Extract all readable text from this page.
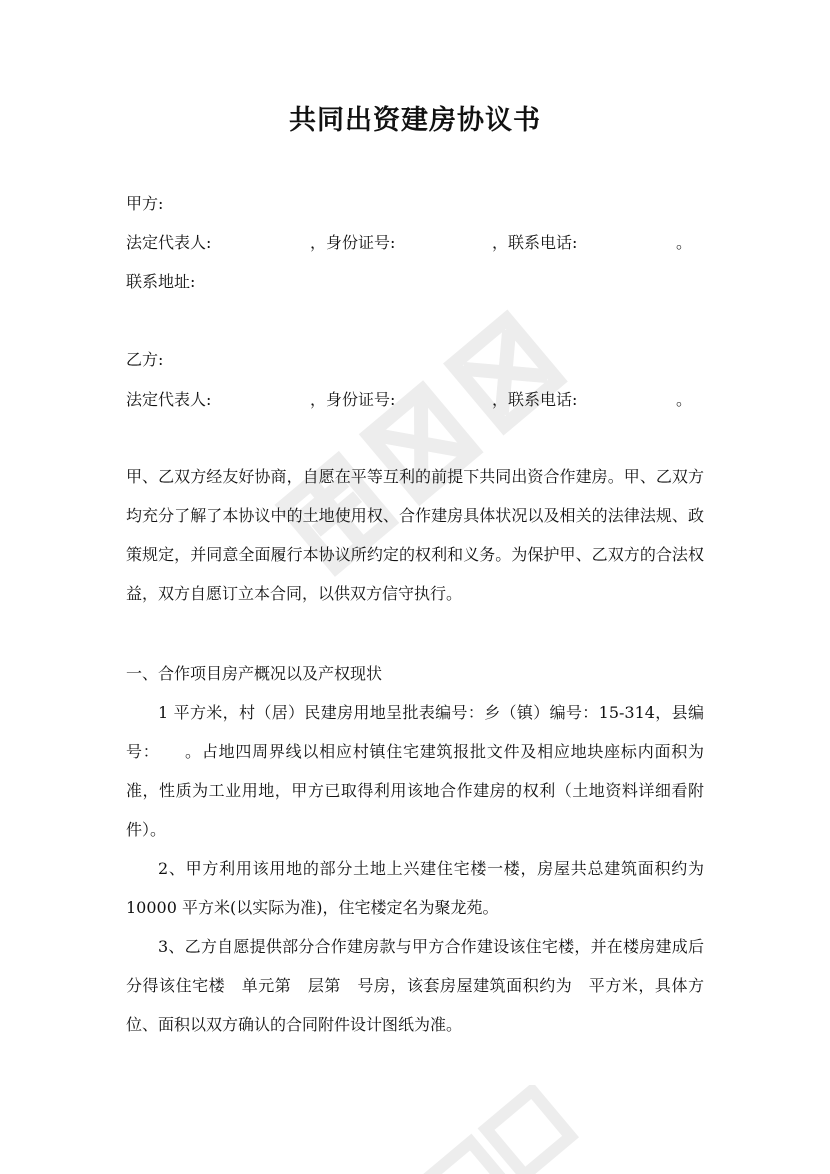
共同出资建房协议书
甲方:
法定代表人:	，身份证号:	，联系电话:	。
联系地址:
乙方:
法定代表人:	，身份证号:	，联系电话:	。

甲、乙双方经友好协商，自愿在平等互利的前提下共同出资合作建房。甲、乙双方均充分了解了本协议中的土地使用权、合作建房具体状况以及相关的法律法规、政策规定，并同意全面履行本协议所约定的权利和义务。为保护甲、乙双方的合法权益，双方自愿订立本合同，以供双方信守执行。

一、合作项目房产概况以及产权现状

1 平方米，村（居）民建房用地呈批表编号：乡（镇）编号：15-314，县编号：　　。占地四周界线以相应村镇住宅建筑报批文件及相应地块座标内面积为准，性质为工业用地，甲方已取得利用该地合作建房的权利（土地资料详细看附件）。

2、甲方利用该用地的部分土地上兴建住宅楼一楼，房屋共总建筑面积约为10000 平方米(以实际为准)，住宅楼定名为聚龙苑。

3、乙方自愿提供部分合作建房款与甲方合作建设该住宅楼，并在楼房建成后分得该住宅楼　单元第　层第　号房，该套房屋建筑面积约为　平方米，具体方位、面积以双方确认的合同附件设计图纸为准。
